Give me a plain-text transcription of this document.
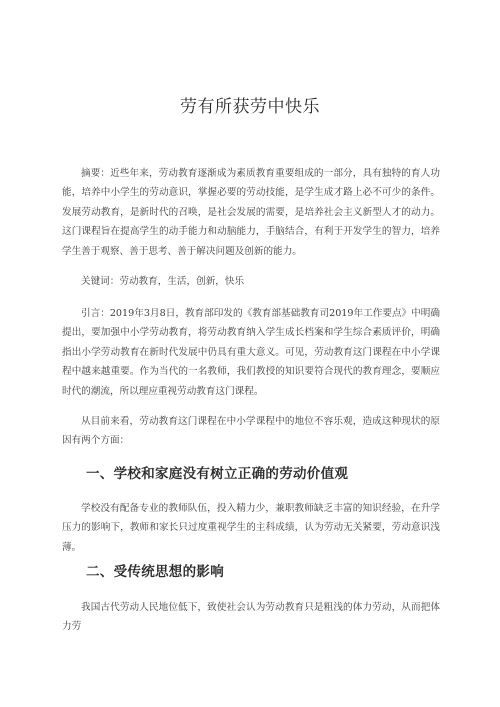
劳有所获劳中快乐

摘要：近些年来，劳动教育逐渐成为素质教育重要组成的一部分，具有独特的育人功能，培养中小学生的劳动意识，掌握必要的劳动技能，是学生成才路上必不可少的条件。发展劳动教育，是新时代的召唤，是社会发展的需要，是培养社会主义新型人才的动力。这门课程旨在提高学生的动手能力和动脑能力，手脑结合，有利于开发学生的智力，培养学生善于观察、善于思考、善于解决问题及创新的能力。

关键词：劳动教育，生活，创新，快乐

引言：2019年3月8日，教育部印发的《教育部基础教育司2019年工作要点》中明确提出，要加强中小学劳动教育，将劳动教育纳入学生成长档案和学生综合素质评价，明确指出小学劳动教育在新时代发展中仍具有重大意义。可见，劳动教育这门课程在中小学课程中越来越重要。作为当代的一名教师，我们教授的知识要符合现代的教育理念，要顺应时代的潮流，所以理应重视劳动教育这门课程。

从目前来看，劳动教育这门课程在中小学课程中的地位不容乐观，造成这种现状的原因有两个方面：

一、学校和家庭没有树立正确的劳动价值观

学校没有配备专业的教师队伍，投入精力少，兼职教师缺乏丰富的知识经验，在升学压力的影响下，教师和家长只过度重视学生的主科成绩，认为劳动无关紧要，劳动意识浅薄。

二、受传统思想的影响

我国古代劳动人民地位低下，致使社会认为劳动教育只是粗浅的体力劳动，从而把体力劳
